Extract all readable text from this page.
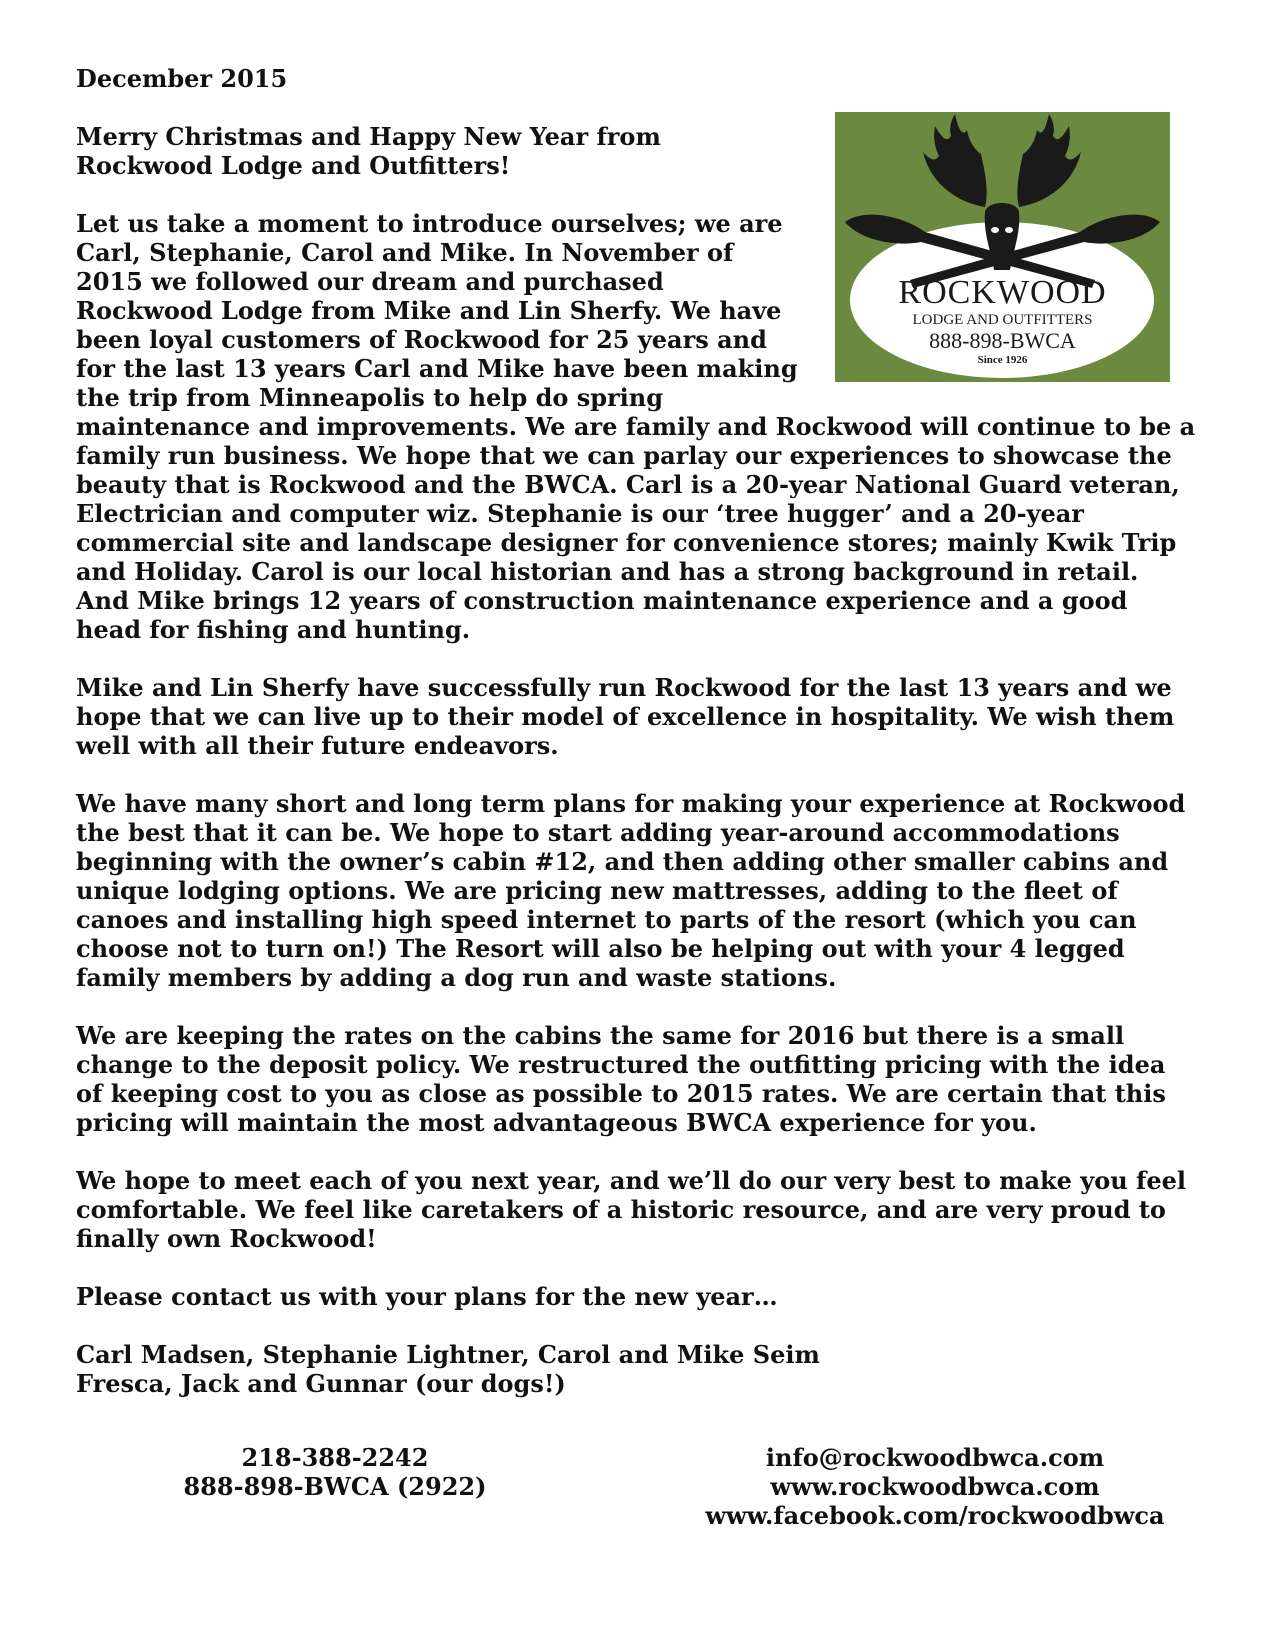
ROCKWOOD
LODGE AND OUTFITTERS
888-898-BWCA
Since 1926

December 2015

Merry Christmas and Happy New Year from
Rockwood Lodge and Outfitters!

Let us take a moment to introduce ourselves; we are Carl, Stephanie, Carol and Mike. In November of 2015 we followed our dream and purchased Rockwood Lodge from Mike and Lin Sherfy. We have been loyal customers of Rockwood for 25 years and for the last 13 years Carl and Mike have been making the trip from Minneapolis to help do spring maintenance and improvements. We are family and Rockwood will continue to be a family run business. We hope that we can parlay our experiences to showcase the beauty that is Rockwood and the BWCA. Carl is a 20-year National Guard veteran, Electrician and computer wiz. Stephanie is our ‘tree hugger’ and a 20-year commercial site and landscape designer for convenience stores; mainly Kwik Trip and Holiday. Carol is our local historian and has a strong background in retail. And Mike brings 12 years of construction maintenance experience and a good head for fishing and hunting.

Mike and Lin Sherfy have successfully run Rockwood for the last 13 years and we hope that we can live up to their model of excellence in hospitality. We wish them well with all their future endeavors.

We have many short and long term plans for making your experience at Rockwood the best that it can be. We hope to start adding year-around accommodations beginning with the owner’s cabin #12, and then adding other smaller cabins and unique lodging options. We are pricing new mattresses, adding to the fleet of canoes and installing high speed internet to parts of the resort (which you can choose not to turn on!) The Resort will also be helping out with your 4 legged family members by adding a dog run and waste stations.

We are keeping the rates on the cabins the same for 2016 but there is a small change to the deposit policy. We restructured the outfitting pricing with the idea of keeping cost to you as close as possible to 2015 rates. We are certain that this pricing will maintain the most advantageous BWCA experience for you.

We hope to meet each of you next year, and we’ll do our very best to make you feel comfortable. We feel like caretakers of a historic resource, and are very proud to finally own Rockwood!

Please contact us with your plans for the new year…

Carl Madsen, Stephanie Lightner, Carol and Mike Seim
Fresca, Jack and Gunnar (our dogs!)

218-388-2242
888-898-BWCA (2922)
info@rockwoodbwca.com
www.rockwoodbwca.com
www.facebook.com/rockwoodbwca
